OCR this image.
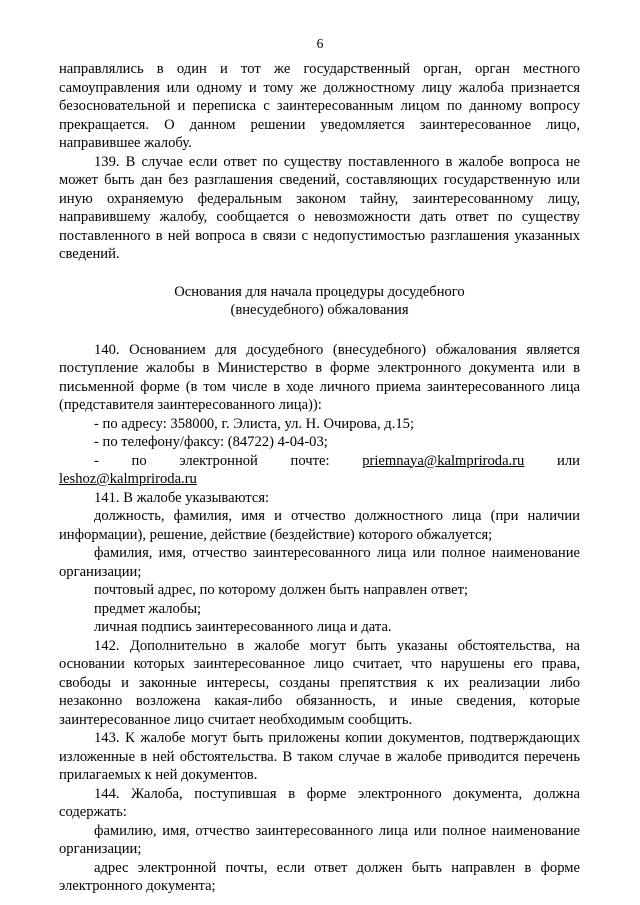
6

направлялись в один и тот же государственный орган, орган местного самоуправления или одному и тому же должностному лицу жалоба признается безосновательной и переписка с заинтересованным лицом по данному вопросу прекращается. О данном решении уведомляется заинтересованное лицо, направившее жалобу.

139. В случае если ответ по существу поставленного в жалобе вопроса не может быть дан без разглашения сведений, составляющих государственную или иную охраняемую федеральным законом тайну, заинтересованному лицу, направившему жалобу, сообщается о невозможности дать ответ по существу поставленного в ней вопроса в связи с недопустимостью разглашения указанных сведений.

Основания для начала процедуры досудебного
(внесудебного) обжалования

140. Основанием для досудебного (внесудебного) обжалования является поступление жалобы в Министерство в форме электронного документа или в письменной форме (в том числе в ходе личного приема заинтересованного лица (представителя заинтересованного лица)):

- по адресу: 358000, г. Элиста, ул. Н. Очирова, д.15;

- по телефону/факсу: (84722) 4-04-03;

- по электронной почте: priemnaya@kalmpriroda.ru или

leshoz@kalmpriroda.ru

141. В жалобе указываются:

должность, фамилия, имя и отчество должностного лица (при наличии информации), решение, действие (бездействие) которого обжалуется;

фамилия, имя, отчество заинтересованного лица или полное наименование организации;

почтовый адрес, по которому должен быть направлен ответ;

предмет жалобы;

личная подпись заинтересованного лица и дата.

142. Дополнительно в жалобе могут быть указаны обстоятельства, на основании которых заинтересованное лицо считает, что нарушены его права, свободы и законные интересы, созданы препятствия к их реализации либо незаконно возложена какая-либо обязанность, и иные сведения, которые заинтересованное лицо считает необходимым сообщить.

143. К жалобе могут быть приложены копии документов, подтверждающих изложенные в ней обстоятельства. В таком случае в жалобе приводится перечень прилагаемых к ней документов.

144. Жалоба, поступившая в форме электронного документа, должна содержать:

фамилию, имя, отчество заинтересованного лица или полное наименование организации;

адрес электронной почты, если ответ должен быть направлен в форме электронного документа;
